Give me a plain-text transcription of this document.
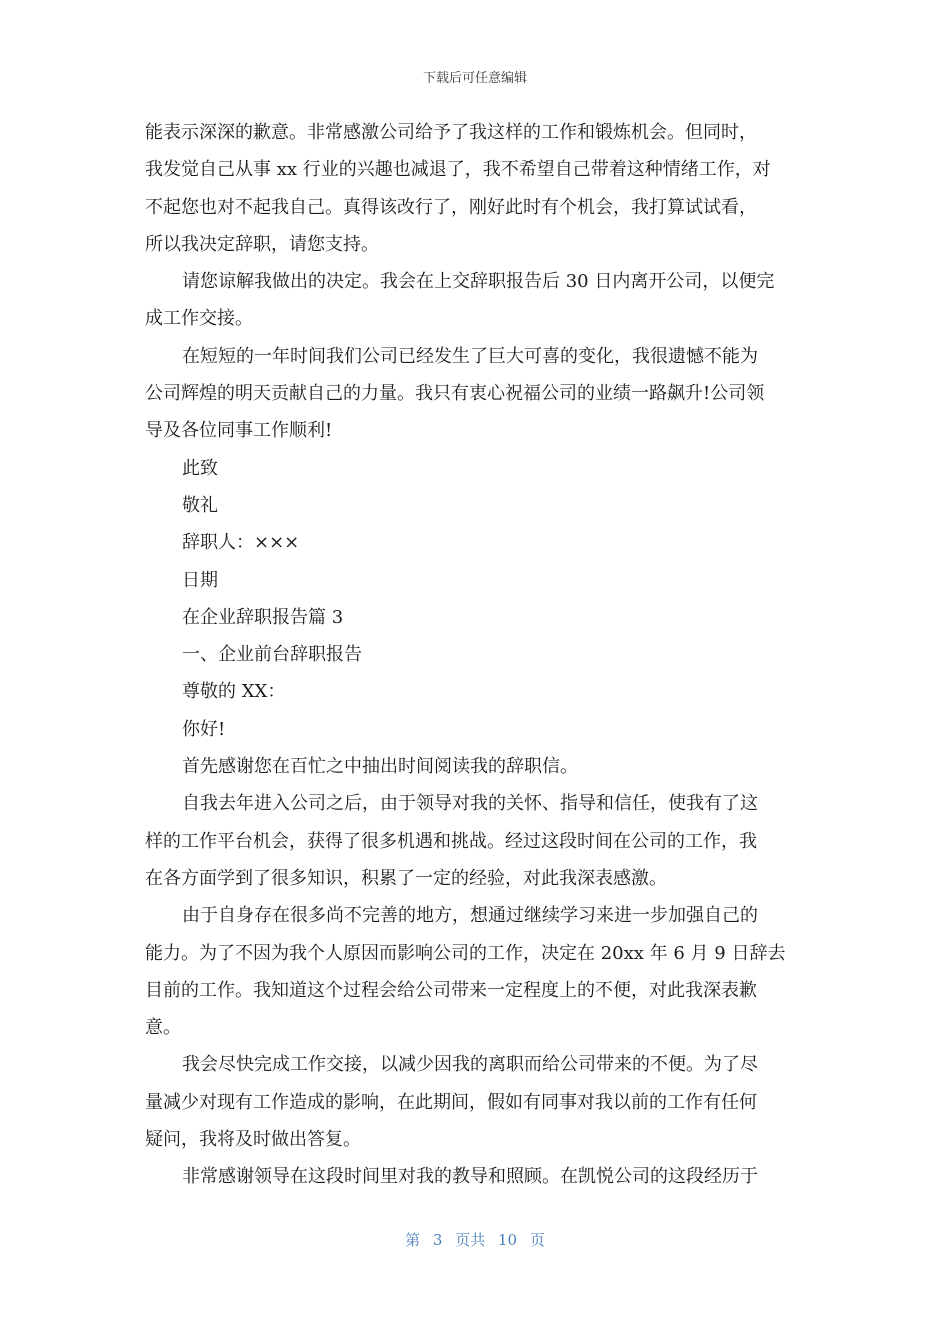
下载后可任意编辑
能表示深深的歉意。非常感激公司给予了我这样的工作和锻炼机会。但同时，
我发觉自己从事 xx 行业的兴趣也减退了，我不希望自己带着这种情绪工作，对
不起您也对不起我自己。真得该改行了，刚好此时有个机会，我打算试试看，
所以我决定辞职，请您支持。
请您谅解我做出的决定。我会在上交辞职报告后 30 日内离开公司，以便完
成工作交接。
在短短的一年时间我们公司已经发生了巨大可喜的变化，我很遗憾不能为
公司辉煌的明天贡献自己的力量。我只有衷心祝福公司的业绩一路飙升!公司领
导及各位同事工作顺利!
此致
敬礼
辞职人：×××
日期
在企业辞职报告篇 3
一、企业前台辞职报告
尊敬的 XX：
你好!
首先感谢您在百忙之中抽出时间阅读我的辞职信。
自我去年进入公司之后，由于领导对我的关怀、指导和信任，使我有了这
样的工作平台机会，获得了很多机遇和挑战。经过这段时间在公司的工作，我
在各方面学到了很多知识，积累了一定的经验，对此我深表感激。
由于自身存在很多尚不完善的地方，想通过继续学习来进一步加强自己的
能力。为了不因为我个人原因而影响公司的工作，决定在 20xx 年 6 月 9 日辞去
目前的工作。我知道这个过程会给公司带来一定程度上的不便，对此我深表歉
意。
我会尽快完成工作交接，以减少因我的离职而给公司带来的不便。为了尽
量减少对现有工作造成的影响，在此期间，假如有同事对我以前的工作有任何
疑问，我将及时做出答复。
非常感谢领导在这段时间里对我的教导和照顾。在凯悦公司的这段经历于
第 3 页共 10 页
